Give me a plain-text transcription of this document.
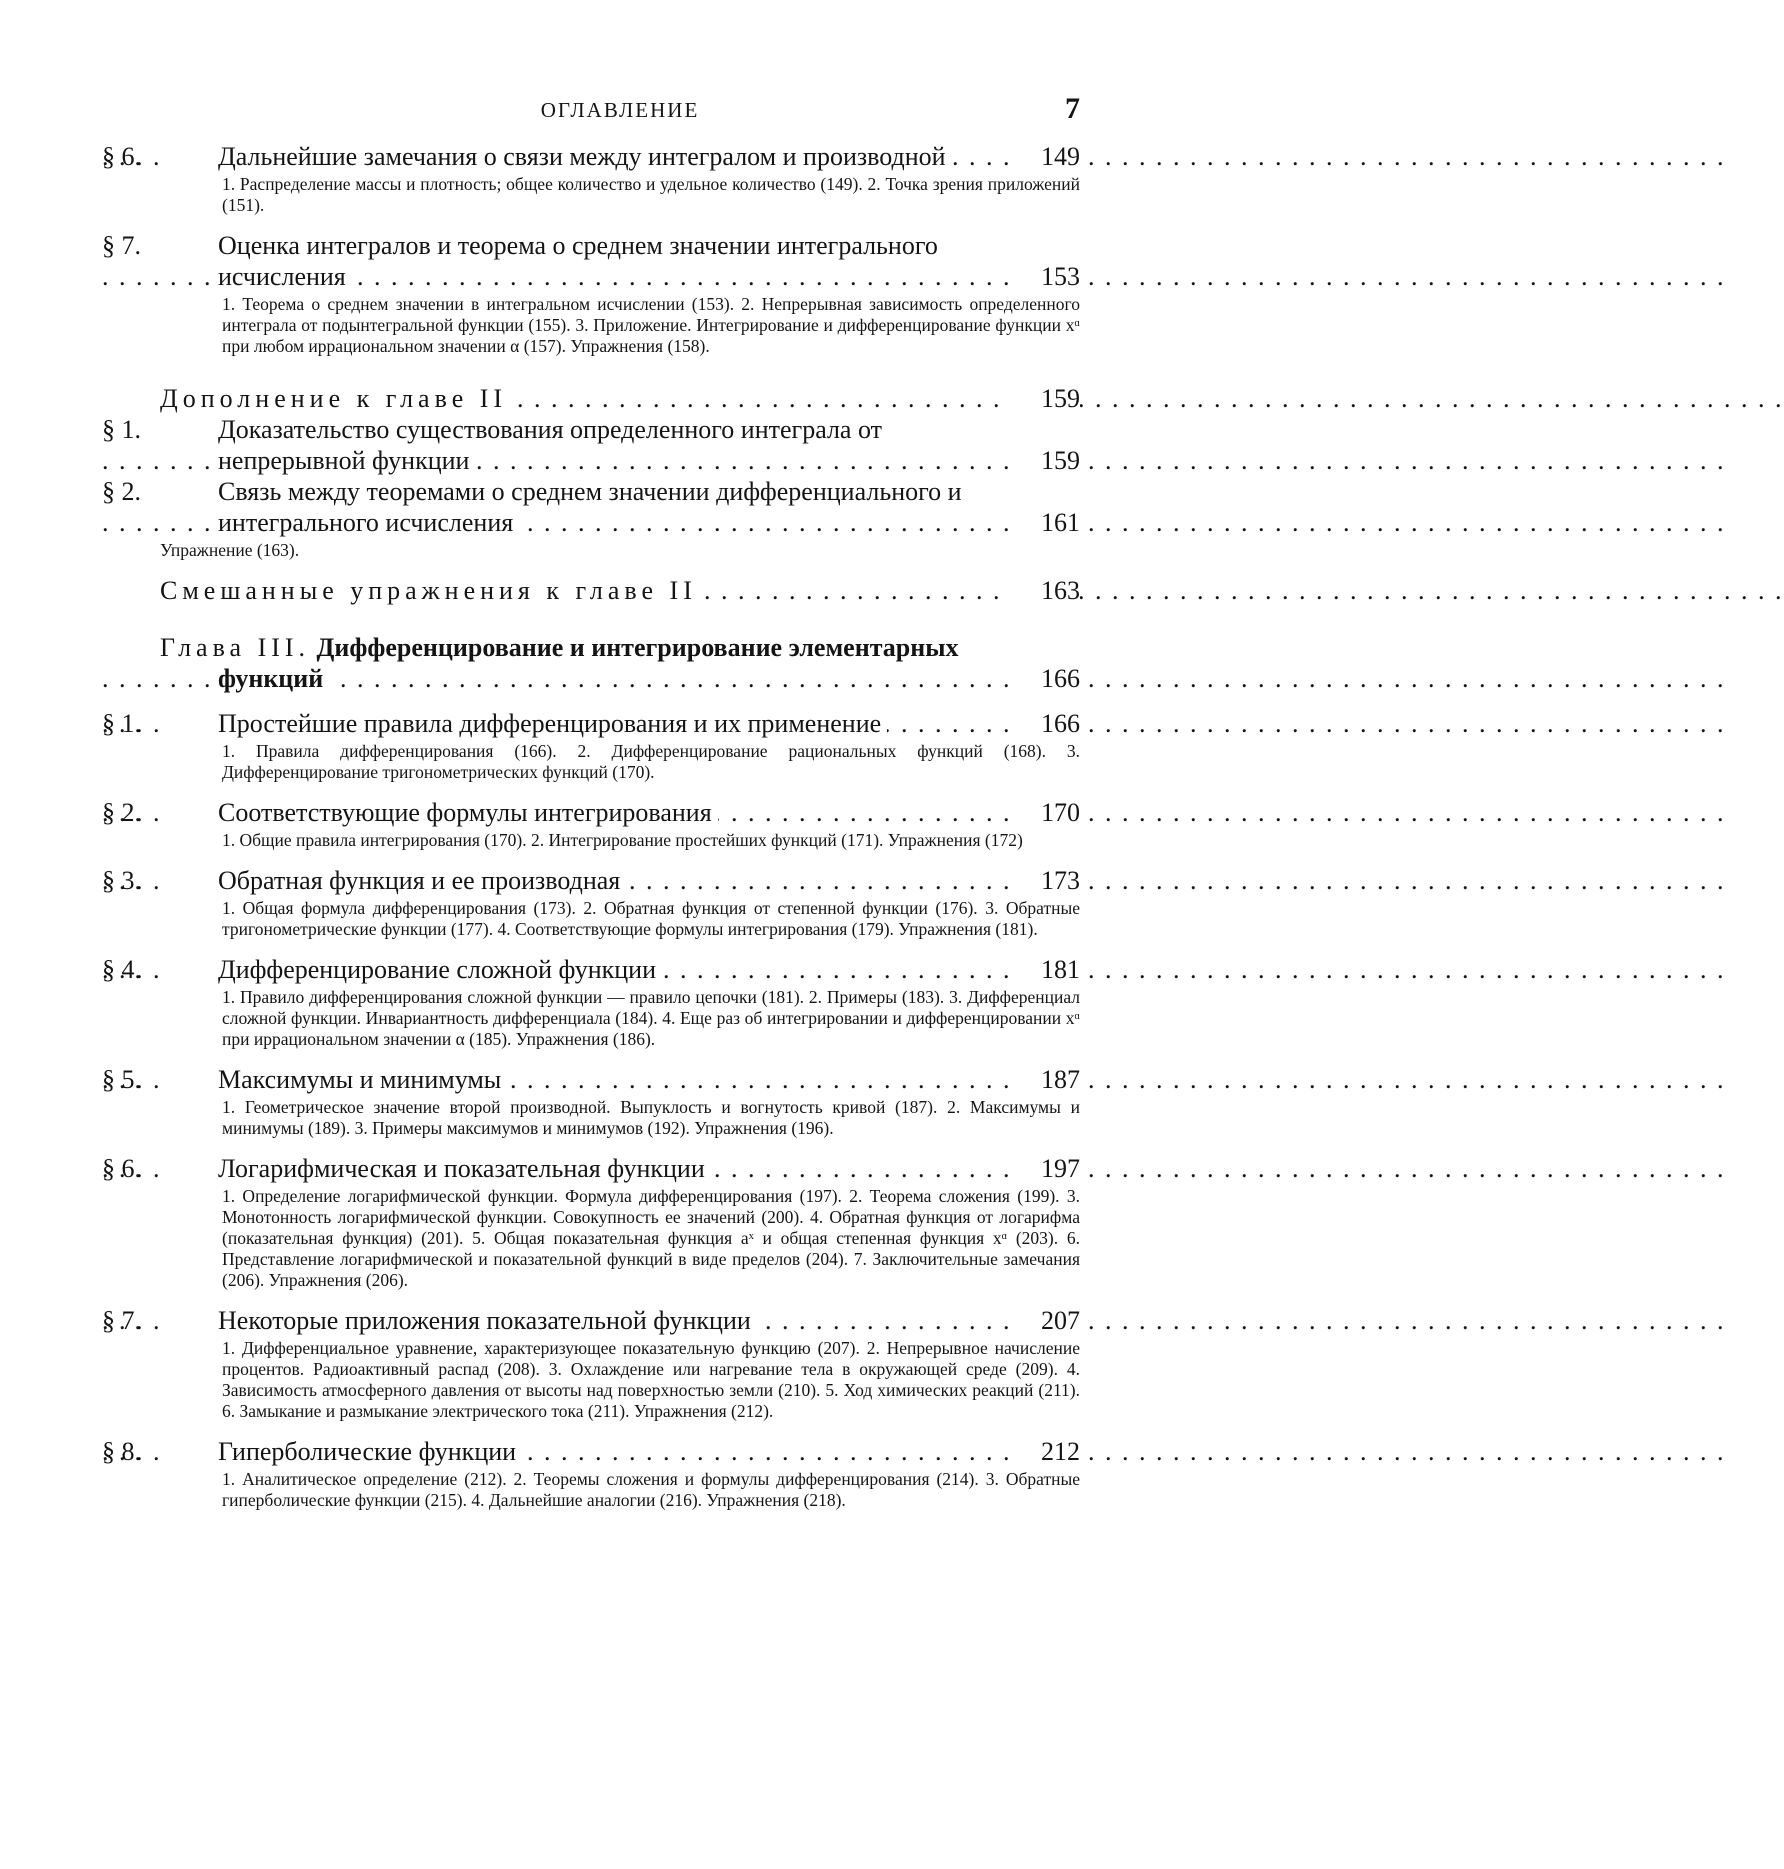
ОГЛАВЛЕНИЕ	7
§ 6.	Дальнейшие замечания о связи между интегралом и производной . . .	149
1. Распределение массы и плотность; общее количество и удельное количество (149). 2. Точка зрения приложений (151).
§ 7.	Оценка интегралов и теорема о среднем значении интегрального исчисления . . .	153
1. Теорема о среднем значении в интегральном исчислении (153). 2. Непрерывная зависимость определенного интеграла от подынтегральной функции (155). 3. Приложение. Интегрирование и дифференцирование функции xᵅ при любом иррациональном значении α (157). Упражнения (158).
Дополнение к главе II . . .	159
§ 1.	Доказательство существования определенного интеграла от непрерывной функции . . .	159
§ 2.	Связь между теоремами о среднем значении дифференциального и интегрального исчисления . . .	161
Упражнение (163).
Смешанные упражнения к главе II . . .	163
Глава III. Дифференцирование и интегрирование элементарных функций . . .	166
§ 1.	Простейшие правила дифференцирования и их применение . . .	166
1. Правила дифференцирования (166). 2. Дифференцирование рациональных функций (168). 3. Дифференцирование тригонометрических функций (170).
§ 2.	Соответствующие формулы интегрирования . . .	170
1. Общие правила интегрирования (170). 2. Интегрирование простейших функций (171). Упражнения (172)
§ 3.	Обратная функция и ее производная . . .	173
1. Общая формула дифференцирования (173). 2. Обратная функция от степенной функции (176). 3. Обратные тригонометрические функции (177). 4. Соответствующие формулы интегрирования (179). Упражнения (181).
§ 4.	Дифференцирование сложной функции . . .	181
1. Правило дифференцирования сложной функции — правило цепочки (181). 2. Примеры (183). 3. Дифференциал сложной функции. Инвариантность дифференциала (184). 4. Еще раз об интегрировании и дифференцировании xᵅ при иррациональном значении α (185). Упражнения (186).
§ 5.	Максимумы и минимумы . . .	187
1. Геометрическое значение второй производной. Выпуклость и вогнутость кривой (187). 2. Максимумы и минимумы (189). 3. Примеры максимумов и минимумов (192). Упражнения (196).
§ 6.	Логарифмическая и показательная функции . . .	197
1. Определение логарифмической функции. Формула дифференцирования (197). 2. Теорема сложения (199). 3. Монотонность логарифмической функции. Совокупность ее значений (200). 4. Обратная функция от логарифма (показательная функция) (201). 5. Общая показательная функция aˣ и общая степенная функция xᵅ (203). 6. Представление логарифмической и показательной функций в виде пределов (204). 7. Заключительные замечания (206). Упражнения (206).
§ 7.	Некоторые приложения показательной функции . . .	207
1. Дифференциальное уравнение, характеризующее показательную функцию (207). 2. Непрерывное начисление процентов. Радиоактивный распад (208). 3. Охлаждение или нагревание тела в окружающей среде (209). 4. Зависимость атмосферного давления от высоты над поверхностью земли (210). 5. Ход химических реакций (211). 6. Замыкание и размыкание электрического тока (211). Упражнения (212).
§ 8.	Гиперболические функции . . .	212
1. Аналитическое определение (212). 2. Теоремы сложения и формулы дифференцирования (214). 3. Обратные гиперболические функции (215). 4. Дальнейшие аналогии (216). Упражнения (218).
